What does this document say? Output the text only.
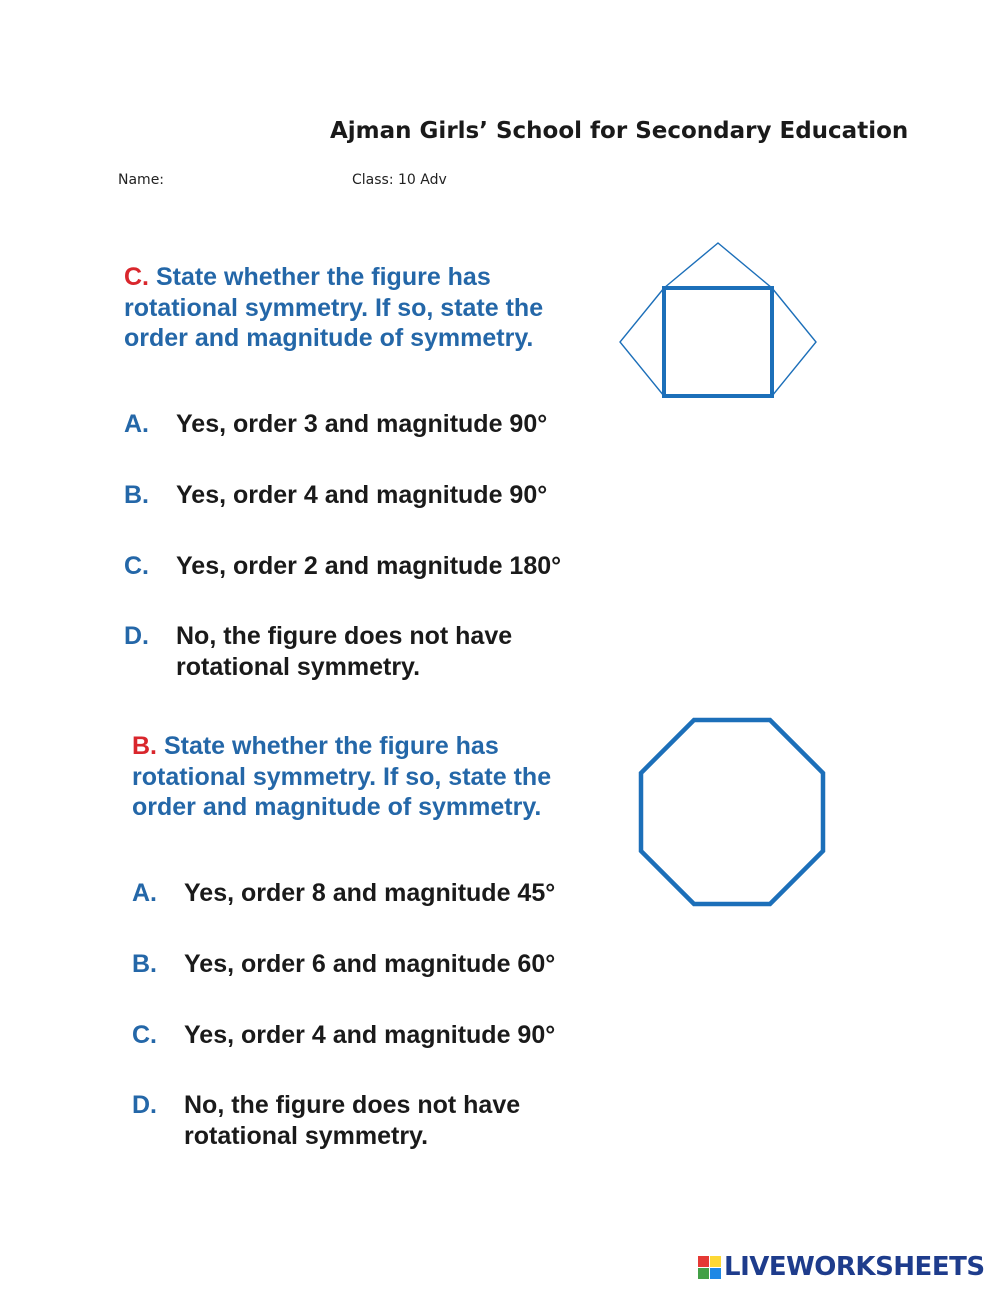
Ajman Girls’ School for Secondary Education
Name:	Class: 10 Adv
C. State whether the figure has rotational symmetry. If so, state the order and magnitude of symmetry.
A. Yes, order 3 and magnitude 90°
B. Yes, order 4 and magnitude 90°
C. Yes, order 2 and magnitude 180°
D. No, the figure does not have rotational symmetry.
B. State whether the figure has rotational symmetry. If so, state the order and magnitude of symmetry.
A. Yes, order 8 and magnitude 45°
B. Yes, order 6 and magnitude 60°
C. Yes, order 4 and magnitude 90°
D. No, the figure does not have rotational symmetry.
LIVEWORKSHEETS
